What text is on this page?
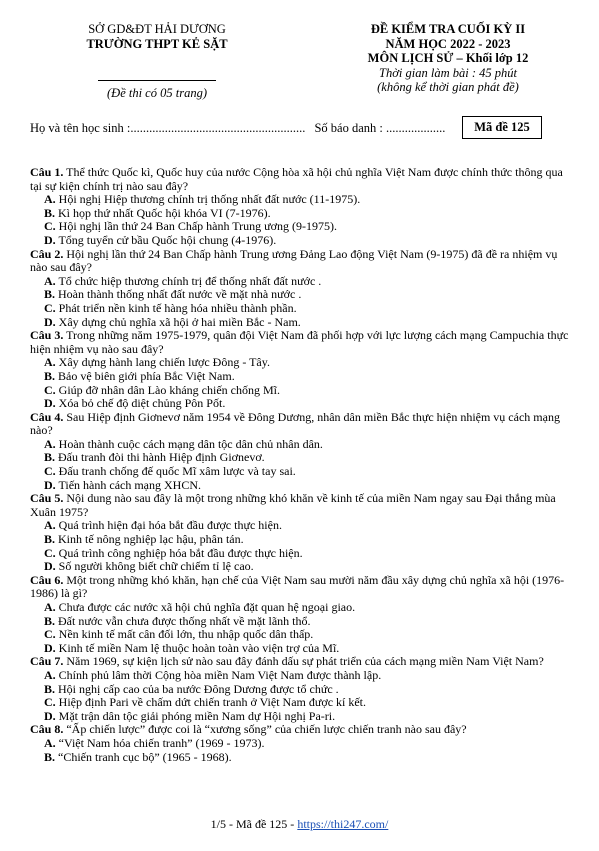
SỞ GD&ĐT HẢI DƯƠNG
TRƯỜNG THPT KẺ SẶT
(Đề thi có 05 trang)
ĐỀ KIỂM TRA CUỐI KỲ II
NĂM HỌC 2022 - 2023
MÔN LỊCH SỬ – Khối lớp 12
Thời gian làm bài : 45 phút
(không kể thời gian phát đề)
Họ và tên học sinh :........................................................ Số báo danh : ...................	Mã đề 125
Câu 1. Thể thức Quốc kì, Quốc huy của nước Cộng hòa xã hội chủ nghĩa Việt Nam được chính thức thông qua tại sự kiện chính trị nào sau đây?
A. Hội nghị Hiệp thương chính trị thống nhất đất nước (11-1975).
B. Kì họp thứ nhất Quốc hội khóa VI (7-1976).
C. Hội nghị lần thứ 24 Ban Chấp hành Trung ương (9-1975).
D. Tổng tuyển cử bầu Quốc hội chung (4-1976).
Câu 2. Hội nghị lần thứ 24 Ban Chấp hành Trung ương Đảng Lao động Việt Nam (9-1975) đã đề ra nhiệm vụ nào sau đây?
A. Tổ chức hiệp thương chính trị để thống nhất đất nước .
B. Hoàn thành thống nhất đất nước về mặt nhà nước .
C. Phát triển nền kinh tế hàng hóa nhiều thành phần.
D. Xây dựng chủ nghĩa xã hội ở hai miền Bắc - Nam.
Câu 3. Trong những năm 1975-1979, quân đội Việt Nam đã phối hợp với lực lượng cách mạng Campuchia thực hiện nhiệm vụ nào sau đây?
A. Xây dựng hành lang chiến lược Đông - Tây.
B. Bảo vệ biên giới phía Bắc Việt Nam.
C. Giúp đỡ nhân dân Lào kháng chiến chống Mĩ.
D. Xóa bỏ chế độ diệt chủng Pôn Pốt.
Câu 4. Sau Hiệp định Giơnevơ năm 1954 về Đông Dương, nhân dân miền Bắc thực hiện nhiệm vụ cách mạng nào?
A. Hoàn thành cuộc cách mạng dân tộc dân chủ nhân dân.
B. Đấu tranh đòi thi hành Hiệp định Giơnevơ.
C. Đấu tranh chống đế quốc Mĩ xâm lược và tay sai.
D. Tiến hành cách mạng XHCN.
Câu 5. Nội dung nào sau đây là một trong những khó khăn về kinh tế của miền Nam ngay sau Đại thắng mùa Xuân 1975?
A. Quá trình hiện đại hóa bắt đầu được thực hiện.
B. Kinh tế nông nghiệp lạc hậu, phân tán.
C. Quá trình công nghiệp hóa bắt đầu được thực hiện.
D. Số người không biết chữ chiếm tỉ lệ cao.
Câu 6. Một trong những khó khăn, hạn chế của Việt Nam sau mười năm đầu xây dựng chủ nghĩa xã hội (1976-1986) là gì?
A. Chưa được các nước xã hội chủ nghĩa đặt quan hệ ngoại giao.
B. Đất nước vẫn chưa được thống nhất về mặt lãnh thổ.
C. Nền kinh tế mất cân đối lớn, thu nhập quốc dân thấp.
D. Kinh tế miền Nam lệ thuộc hoàn toàn vào viện trợ của Mĩ.
Câu 7. Năm 1969, sự kiện lịch sử nào sau đây đánh dấu sự phát triển của cách mạng miền Nam Việt Nam?
A. Chính phủ lâm thời Cộng hòa miền Nam Việt Nam được thành lập.
B. Hội nghị cấp cao của ba nước Đông Dương được tổ chức .
C. Hiệp định Pari về chấm dứt chiến tranh ở Việt Nam được kí kết.
D. Mặt trận dân tộc giải phóng miền Nam dự Hội nghị Pa-ri.
Câu 8. “Ấp chiến lược” được coi là “xương sống” của chiến lược chiến tranh nào sau đây?
A. “Việt Nam hóa chiến tranh” (1969 - 1973).
B. “Chiến tranh cục bộ” (1965 - 1968).
1/5 - Mã đề 125 - https://thi247.com/
